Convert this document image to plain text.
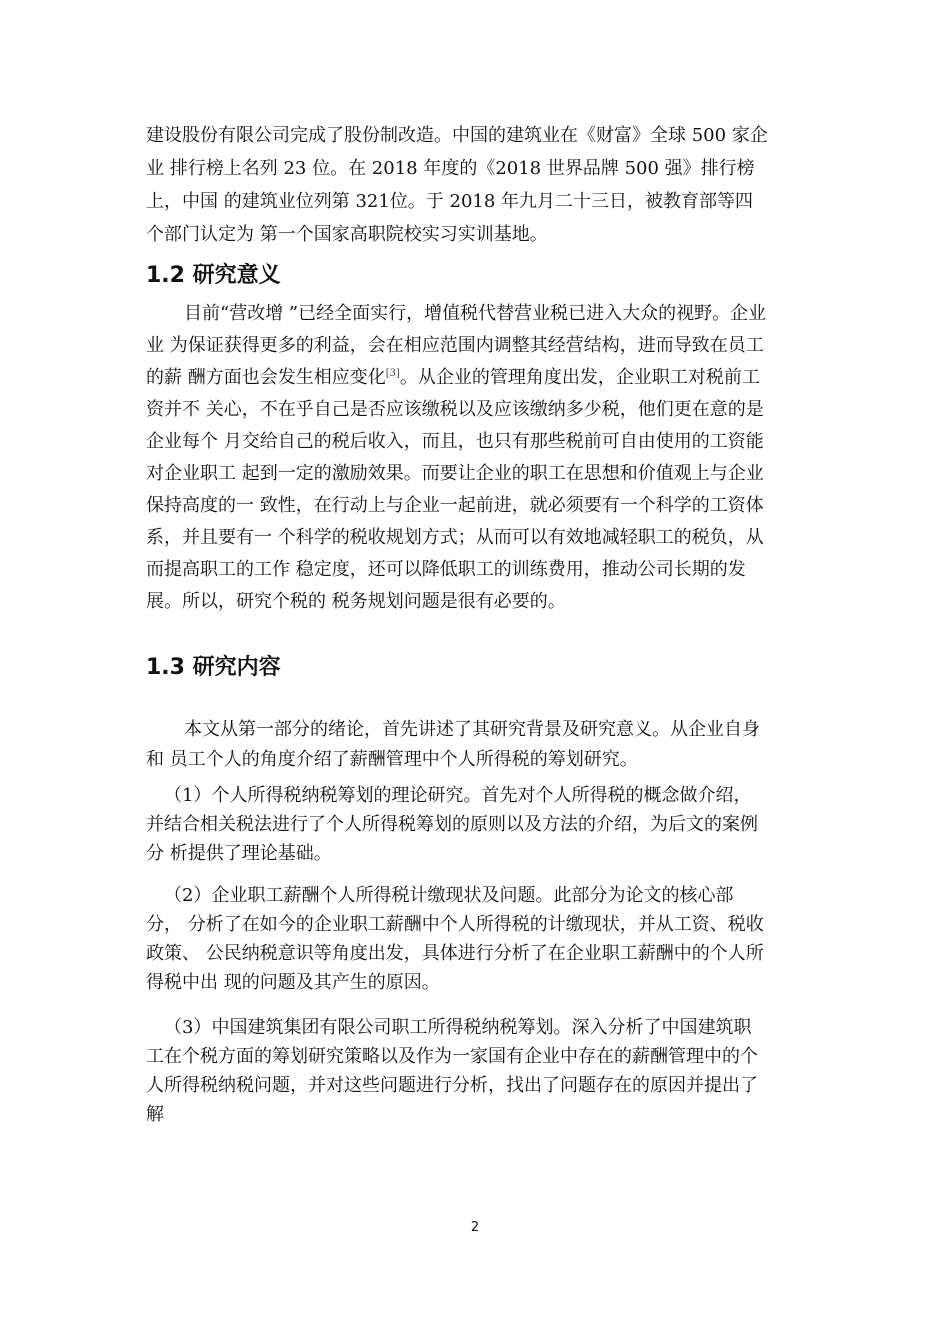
建设股份有限公司完成了股份制改造。中国的建筑业在《财富》全球 500 家企
业 排行榜上名列 23 位。在 2018 年度的《2018 世界品牌 500 强》排行榜
上，中国 的建筑业位列第 321位。于 2018 年九月二十三日，被教育部等四
个部门认定为 第一个国家高职院校实习实训基地。
1.2 研究意义
目前“营改增 ”已经全面实行，增值税代替营业税已进入大众的视野。企业
业 为保证获得更多的利益，会在相应范围内调整其经营结构，进而导致在员工
的薪 酬方面也会发生相应变化[3]。从企业的管理角度出发，企业职工对税前工
资并不 关心，不在乎自己是否应该缴税以及应该缴纳多少税，他们更在意的是
企业每个 月交给自己的税后收入，而且，也只有那些税前可自由使用的工资能
对企业职工 起到一定的激励效果。而要让企业的职工在思想和价值观上与企业
保持高度的一 致性，在行动上与企业一起前进，就必须要有一个科学的工资体
系，并且要有一 个科学的税收规划方式；从而可以有效地减轻职工的税负，从
而提高职工的工作 稳定度，还可以降低职工的训练费用，推动公司长期的发
展。所以，研究个税的 税务规划问题是很有必要的。
1.3 研究内容
本文从第一部分的绪论，首先讲述了其研究背景及研究意义。从企业自身
和 员工个人的角度介绍了薪酬管理中个人所得税的筹划研究。
（1）个人所得税纳税筹划的理论研究。首先对个人所得税的概念做介绍，
并结合相关税法进行了个人所得税筹划的原则以及方法的介绍，为后文的案例
分 析提供了理论基础。
（2）企业职工薪酬个人所得税计缴现状及问题。此部分为论文的核心部
分， 分析了在如今的企业职工薪酬中个人所得税的计缴现状，并从工资、税收
政策、 公民纳税意识等角度出发，具体进行分析了在企业职工薪酬中的个人所
得税中出 现的问题及其产生的原因。
（3）中国建筑集团有限公司职工所得税纳税筹划。深入分析了中国建筑职
工在个税方面的筹划研究策略以及作为一家国有企业中存在的薪酬管理中的个
人所得税纳税问题，并对这些问题进行分析，找出了问题存在的原因并提出了
解
2
